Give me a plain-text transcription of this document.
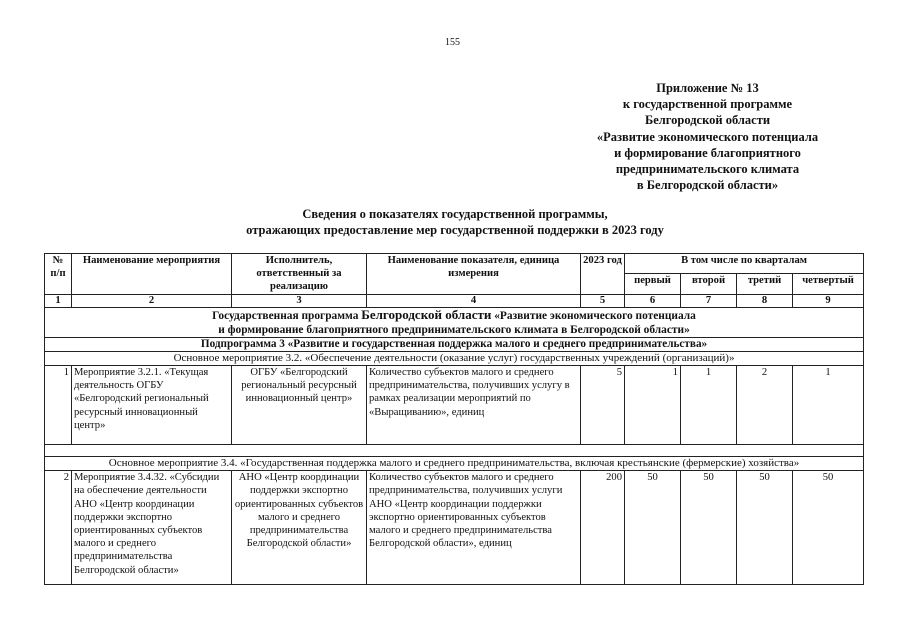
155
Приложение № 13
к государственной программе
Белгородской области
«Развитие экономического потенциала
и формирование благоприятного
предпринимательского климата
в Белгородской области»
Сведения о показателях государственной программы,
отражающих предоставление мер государственной поддержки в 2023 году
№ п/п	Наименование мероприятия	Исполнитель, ответственный за реализацию	Наименование показателя, единица измерения	2023 год	В том числе по кварталам			
					первый	второй	третий	четвертый
1	2	3	4	5	6	7	8	9
Государственная программа Белгородской области «Развитие экономического потенциала
и формирование благоприятного предпринимательского климата в Белгородской области»								
Подпрограмма 3 «Развитие и государственная поддержка малого и среднего предпринимательства»								
Основное мероприятие 3.2. «Обеспечение деятельности (оказание услуг) государственных учреждений (организаций)»								
1	Мероприятие 3.2.1. «Текущая деятельность ОГБУ «Белгородский региональный ресурсный инновационный центр»	ОГБУ «Белгородский региональный ресурсный инновационный центр»	Количество субъектов малого и среднего предпринимательства, получивших услугу в рамках реализации мероприятий по «Выращиванию», единиц	5	1	1	2	1

Основное мероприятие 3.4. «Государственная поддержка малого и среднего предпринимательства, включая крестьянские (фермерские) хозяйства»								
2	Мероприятие 3.4.32. «Субсидии на обеспечение деятельности АНО «Центр координации поддержки экспортно ориентированных субъектов малого и среднего предпринимательства Белгородской области»	АНО «Центр координации поддержки экспортно ориентированных субъектов малого и среднего предпринимательства Белгородской области»	Количество субъектов малого и среднего предпринимательства, получивших услуги АНО «Центр координации поддержки экспортно ориентированных субъектов малого и среднего предпринимательства Белгородской области», единиц	200	50	50	50	50
